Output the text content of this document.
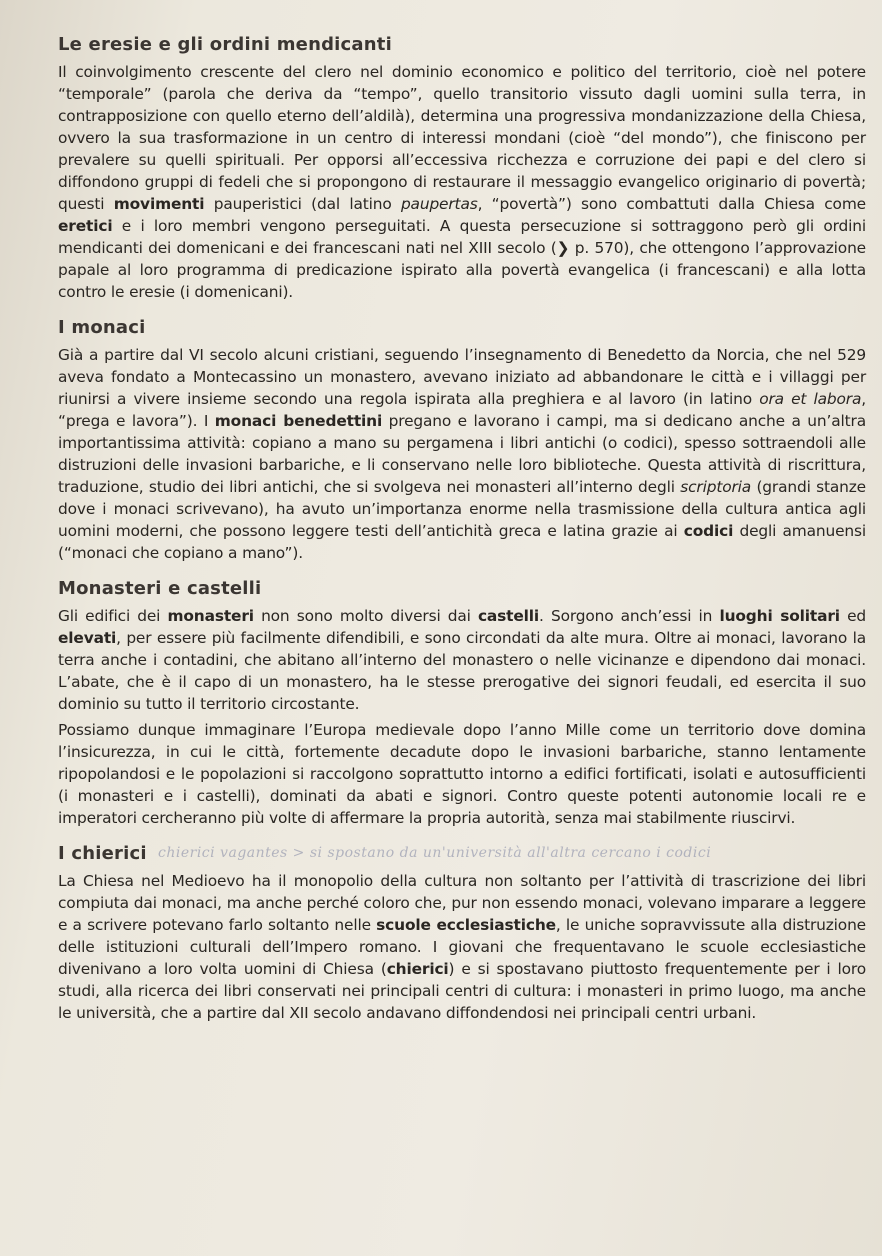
Le eresie e gli ordini mendicanti

Il coinvolgimento crescente del clero nel dominio economico e politico del territorio, cioè nel potere “temporale” (parola che deriva da “tempo”, quello transitorio vissuto dagli uomini sulla terra, in contrapposizione con quello eterno dell’aldilà), determina una progressiva mondanizzazione della Chiesa, ovvero la sua trasformazione in un centro di interessi mondani (cioè “del mondo”), che finiscono per prevalere su quelli spirituali. Per opporsi all’eccessiva ricchezza e corruzione dei papi e del clero si diffondono gruppi di fedeli che si propongono di restaurare il messaggio evangelico originario di povertà; questi movimenti pauperistici (dal latino paupertas, “povertà”) sono combattuti dalla Chiesa come eretici e i loro membri vengono perseguitati. A questa persecuzione si sottraggono però gli ordini mendicanti dei domenicani e dei francescani nati nel XIII secolo (❯ p. 570), che ottengono l’approvazione papale al loro programma di predicazione ispirato alla povertà evangelica (i francescani) e alla lotta contro le eresie (i domenicani).

I monaci

Già a partire dal VI secolo alcuni cristiani, seguendo l’insegnamento di Benedetto da Norcia, che nel 529 aveva fondato a Montecassino un monastero, avevano iniziato ad abbandonare le città e i villaggi per riunirsi a vivere insieme secondo una regola ispirata alla preghiera e al lavoro (in latino ora et labora, “prega e lavora”). I monaci benedettini pregano e lavorano i campi, ma si dedicano anche a un’altra importantissima attività: copiano a mano su pergamena i libri antichi (o codici), spesso sottraendoli alle distruzioni delle invasioni barbariche, e li conservano nelle loro biblioteche. Questa attività di riscrittura, traduzione, studio dei libri antichi, che si svolgeva nei monasteri all’interno degli scriptoria (grandi stanze dove i monaci scrivevano), ha avuto un’importanza enorme nella trasmissione della cultura antica agli uomini moderni, che possono leggere testi dell’antichità greca e latina grazie ai codici degli amanuensi (“monaci che copiano a mano”).

Monasteri e castelli

Gli edifici dei monasteri non sono molto diversi dai castelli. Sorgono anch’essi in luoghi solitari ed elevati, per essere più facilmente difendibili, e sono circondati da alte mura. Oltre ai monaci, lavorano la terra anche i contadini, che abitano all’interno del monastero o nelle vicinanze e dipendono dai monaci. L’abate, che è il capo di un monastero, ha le stesse prerogative dei signori feudali, ed esercita il suo dominio su tutto il territorio circostante.

Possiamo dunque immaginare l’Europa medievale dopo l’anno Mille come un territorio dove domina l’insicurezza, in cui le città, fortemente decadute dopo le invasioni barbariche, stanno lentamente ripopolandosi e le popolazioni si raccolgono soprattutto intorno a edifici fortificati, isolati e autosufficienti (i monasteri e i castelli), dominati da abati e signori. Contro queste potenti autonomie locali re e imperatori cercheranno più volte di affermare la propria autorità, senza mai stabilmente riuscirvi.

I chierici

La Chiesa nel Medioevo ha il monopolio della cultura non soltanto per l’attività di trascrizione dei libri compiuta dai monaci, ma anche perché coloro che, pur non essendo monaci, volevano imparare a leggere e a scrivere potevano farlo soltanto nelle scuole ecclesiastiche, le uniche sopravvissute alla distruzione delle istituzioni culturali dell’Impero romano. I giovani che frequentavano le scuole ecclesiastiche divenivano a loro volta uomini di Chiesa (chierici) e si spostavano piuttosto frequentemente per i loro studi, alla ricerca dei libri conservati nei principali centri di cultura: i monasteri in primo luogo, ma anche le università, che a partire dal XII secolo andavano diffondendosi nei principali centri urbani.

chierici vagantes > si spostano da un'università all'altra cercano i codici
